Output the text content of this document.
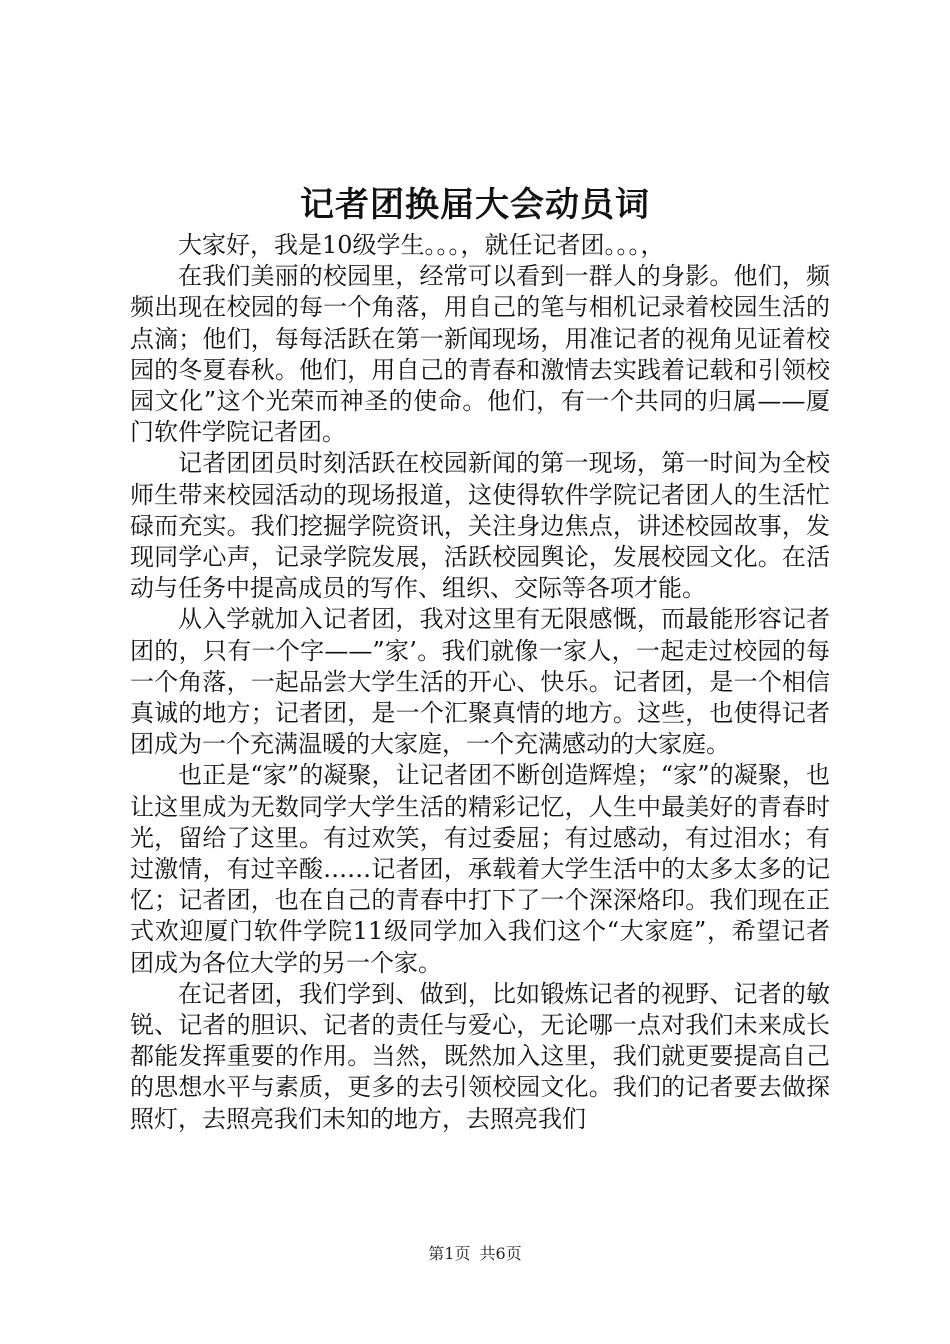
记者团换届大会动员词

大家好，我是10级学生。。。，就任记者团。。。，

在我们美丽的校园里，经常可以看到一群人的身影。他们，频频出现在校园的每一个角落，用自己的笔与相机记录着校园生活的点滴；他们，每每活跃在第一新闻现场，用准记者的视角见证着校园的冬夏春秋。他们，用自己的青春和激情去实践着记载和引领校园文化”这个光荣而神圣的使命。他们，有一个共同的归属——厦门软件学院记者团。

记者团团员时刻活跃在校园新闻的第一现场，第一时间为全校师生带来校园活动的现场报道，这使得软件学院记者团人的生活忙碌而充实。我们挖掘学院资讯，关注身边焦点，讲述校园故事，发现同学心声，记录学院发展，活跃校园舆论，发展校园文化。在活动与任务中提高成员的写作、组织、交际等各项才能。

从入学就加入记者团，我对这里有无限感慨，而最能形容记者团的，只有一个字——”家’。我们就像一家人，一起走过校园的每一个角落，一起品尝大学生活的开心、快乐。记者团，是一个相信真诚的地方；记者团，是一个汇聚真情的地方。这些，也使得记者团成为一个充满温暖的大家庭，一个充满感动的大家庭。

也正是“家”的凝聚，让记者团不断创造辉煌；“家”的凝聚，也让这里成为无数同学大学生活的精彩记忆，人生中最美好的青春时光，留给了这里。有过欢笑，有过委屈；有过感动，有过泪水；有过激情，有过辛酸……记者团，承载着大学生活中的太多太多的记忆；记者团，也在自己的青春中打下了一个深深烙印。我们现在正式欢迎厦门软件学院11级同学加入我们这个“大家庭”，希望记者团成为各位大学的另一个家。

在记者团，我们学到、做到，比如锻炼记者的视野、记者的敏锐、记者的胆识、记者的责任与爱心，无论哪一点对我们未来成长都能发挥重要的作用。当然，既然加入这里，我们就更要提高自己的思想水平与素质，更多的去引领校园文化。我们的记者要去做探照灯，去照亮我们未知的地方，去照亮我们

第1页 共6页
